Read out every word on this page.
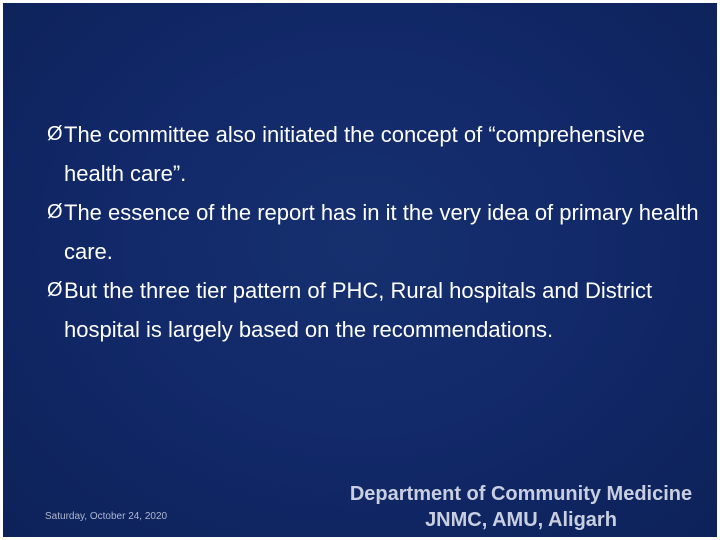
Ø The committee also initiated the concept of “comprehensive health care”.
Ø The essence of the report has in it the very idea of primary health care.
Ø But the three tier pattern of PHC, Rural hospitals and District hospital is largely based on the recommendations.
Saturday, October 24, 2020
Department of Community Medicine
JNMC, AMU, Aligarh
